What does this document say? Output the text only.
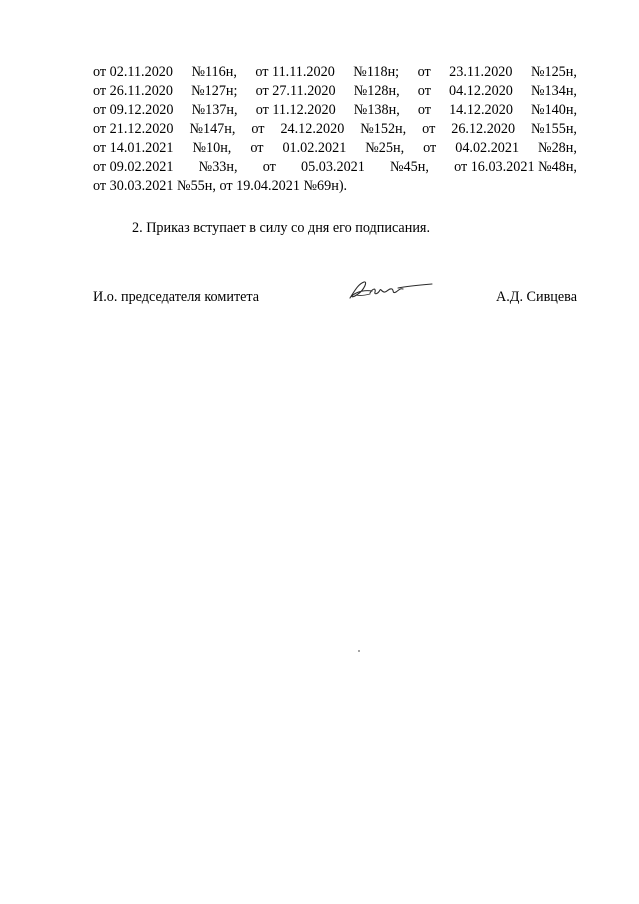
от 02.11.2020 №116н, от 11.11.2020 №118н; от 23.11.2020 №125н,
от 26.11.2020 №127н; от 27.11.2020 №128н, от 04.12.2020 №134н,
от 09.12.2020 №137н, от 11.12.2020 №138н, от 14.12.2020 №140н,
от 21.12.2020 №147н, от 24.12.2020 №152н, от 26.12.2020 №155н,
от 14.01.2021 №10н, от 01.02.2021 №25н, от 04.02.2021 №28н,
от 09.02.2021 №33н, от 05.03.2021 №45н, от 16.03.2021 №48н,
от 30.03.2021 №55н, от 19.04.2021 №69н).
2. Приказ вступает в силу со дня его подписания.
И.о. председателя комитета	А.Д. Сивцева
